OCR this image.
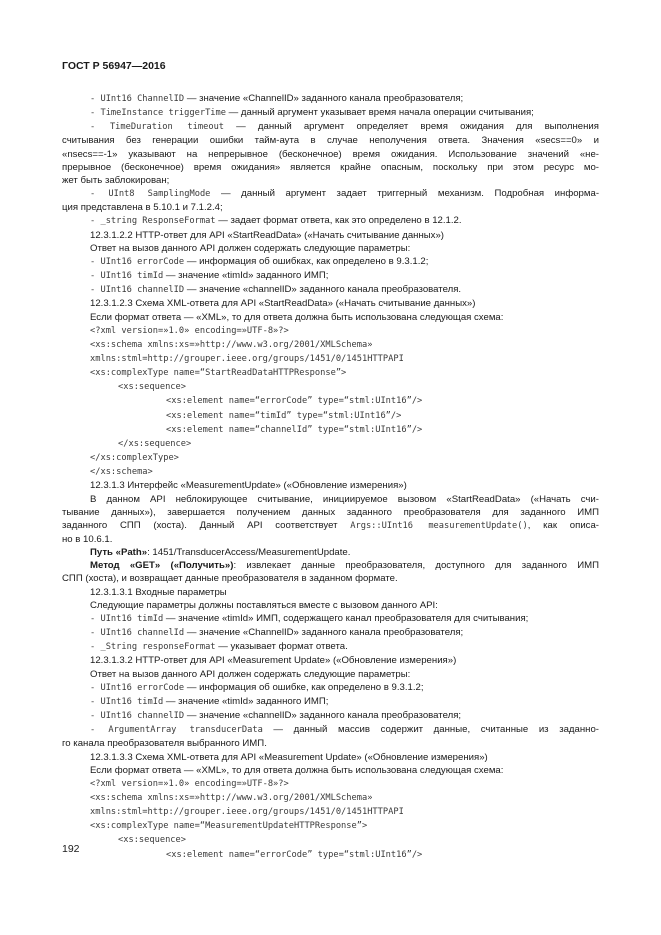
ГОСТ Р 56947—2016
- UInt16 ChannelID — значение «ChannelID» заданного канала преобразователя;
- TimeInstance triggerTime — данный аргумент указывает время начала операции считывания;
- TimeDuration timeout — данный аргумент определяет время ожидания для выполнения
считывания без генерации ошибки тайм-аута в случае неполучения ответа. Значения «secs==0» и
«nsecs==-1» указывают на непрерывное (бесконечное) время ожидания. Использование значений «не-
прерывное (бесконечное) время ожидания» является крайне опасным, поскольку при этом ресурс мо-
жет быть заблокирован;
- UInt8 SamplingMode — данный аргумент задает триггерный механизм. Подробная информа-
ция представлена в 5.10.1 и 7.1.2.4;
- _string ResponseFormat — задает формат ответа, как это определено в 12.1.2.
12.3.1.2.2 HTTP-ответ для API «StartReadData» («Начать считывание данных»)
Ответ на вызов данного API должен содержать следующие параметры:
- UInt16 errorCode — информация об ошибках, как определено в 9.3.1.2;
- UInt16 timId — значение «timId» заданного ИМП;
- UInt16 channelID — значение «channelID» заданного канала преобразователя.
12.3.1.2.3 Схема XML-ответа для API «StartReadData» («Начать считывание данных»)
Если формат ответа — «XML», то для ответа должна быть использована следующая схема:
<?xml version=»1.0» encoding=»UTF-8»?>
<xs:schema xmlns:xs=»http://www.w3.org/2001/XMLSchema»
xmlns:stml=http://grouper.ieee.org/groups/1451/0/1451HTTPAPI
<xs:complexType name=“StartReadDataHTTPResponse”>
<xs:sequence>
<xs:element name=“errorCode” type=“stml:UInt16”/>
<xs:element name=“timId” type=“stml:UInt16”/>
<xs:element name=“channelId” type=“stml:UInt16”/>
</xs:sequence>
</xs:complexType>
</xs:schema>
12.3.1.3 Интерфейс «MeasurementUpdate» («Обновление измерения»)
В данном API неблокирующее считывание, инициируемое вызовом «StartReadData» («Начать счи-
тывание данных»), завершается получением данных заданного преобразователя для заданного ИМП
заданного СПП (хоста). Данный API соответствует Args::UInt16 measurementUpdate(), как описа-
но в 10.6.1.
Путь «Path»: 1451/TransducerAccess/MeasurementUpdate.
Метод «GET» («Получить»): извлекает данные преобразователя, доступного для заданного ИМП
СПП (хоста), и возвращает данные преобразователя в заданном формате.
12.3.1.3.1 Входные параметры
Следующие параметры должны поставляться вместе с вызовом данного API:
- UInt16 timId — значение «timId» ИМП, содержащего канал преобразователя для считывания;
- UInt16 channelId — значение «ChannelID» заданного канала преобразователя;
- _String responseFormat — указывает формат ответа.
12.3.1.3.2 HTTP-ответ для API «Measurement Update» («Обновление измерения»)
Ответ на вызов данного API должен содержать следующие параметры:
- UInt16 errorCode — информация об ошибке, как определено в 9.3.1.2;
- UInt16 timId — значение «timId» заданного ИМП;
- UInt16 channelID — значение «channelID» заданного канала преобразователя;
- ArgumentArray transducerData — данный массив содержит данные, считанные из заданно-
го канала преобразователя выбранного ИМП.
12.3.1.3.3 Схема XML-ответа для API «Measurement Update» («Обновление измерения»)
Если формат ответа — «XML», то для ответа должна быть использована следующая схема:
<?xml version=»1.0» encoding=»UTF-8»?>
<xs:schema xmlns:xs=»http://www.w3.org/2001/XMLSchema»
xmlns:stml=http://grouper.ieee.org/groups/1451/0/1451HTTPAPI
<xs:complexType name=“MeasurementUpdateHTTPResponse”>
<xs:sequence>
<xs:element name=“errorCode” type=“stml:UInt16”/>
192
